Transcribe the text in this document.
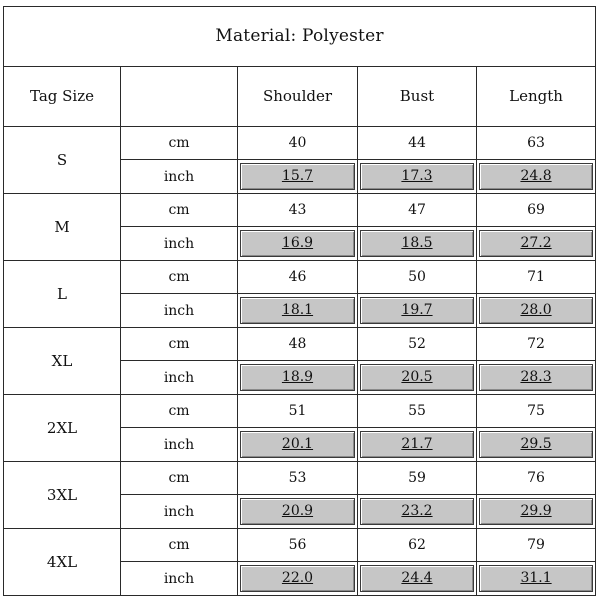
Material: Polyester				
Tag Size		Shoulder	Bust	Length
S	cm	40	44	63
	inch	15.7	17.3	24.8

M	cm	43	47	69
	inch	16.9	18.5	27.2

L	cm	46	50	71
	inch	18.1	19.7	28.0

XL	cm	48	52	72
	inch	18.9	20.5	28.3

2XL	cm	51	55	75
	inch	20.1	21.7	29.5

3XL	cm	53	59	76
	inch	20.9	23.2	29.9

4XL	cm	56	62	79
	inch	22.0	24.4	31.1
